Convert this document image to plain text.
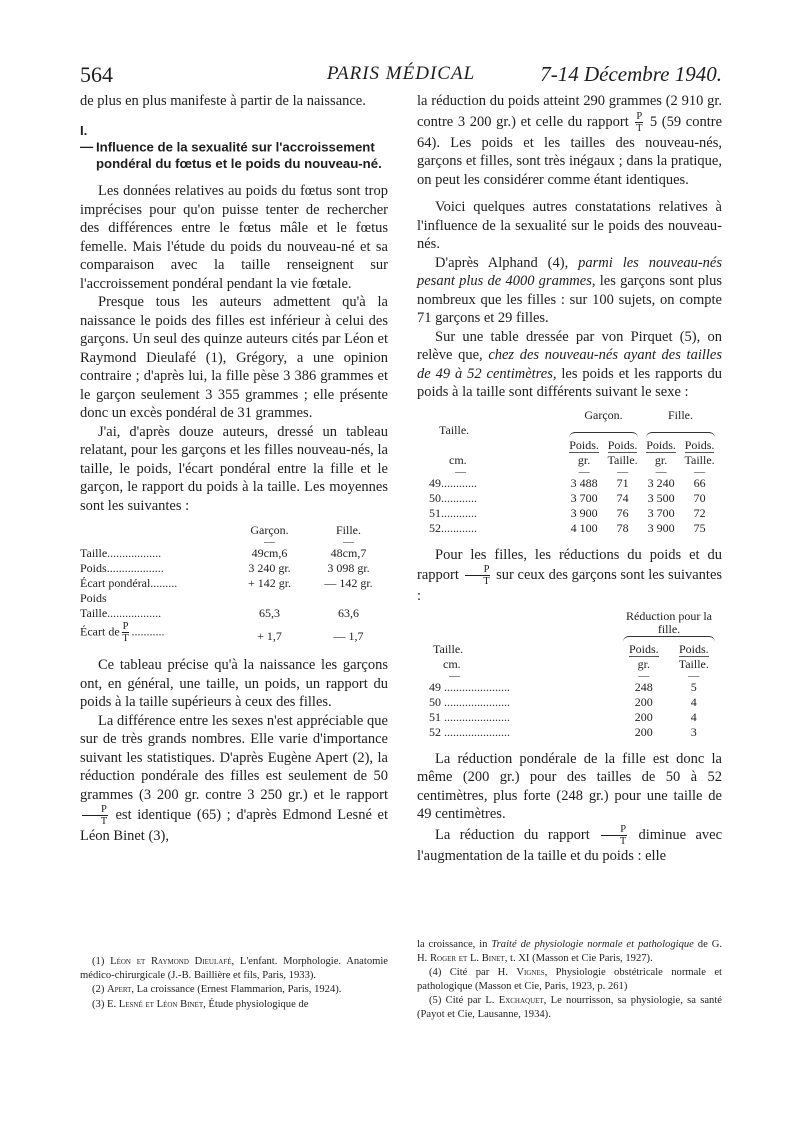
564	PARIS MÉDICAL	7-14 Décembre 1940.

de plus en plus manifeste à partir de la naissance.

I. — Influence de la sexualité sur l'accroissement pondéral du fœtus et le poids du nouveau-né.

Les données relatives au poids du fœtus sont trop imprécises pour qu'on puisse tenter de rechercher des différences entre le fœtus mâle et le fœtus femelle. Mais l'étude du poids du nouveau-né et sa comparaison avec la taille renseignent sur l'accroissement pondéral pendant la vie fœtale.

Presque tous les auteurs admettent qu'à la naissance le poids des filles est inférieur à celui des garçons. Un seul des quinze auteurs cités par Léon et Raymond Dieulafé (1), Grégory, a une opinion contraire ; d'après lui, la fille pèse 3 386 grammes et le garçon seulement 3 355 grammes ; elle présente donc un excès pondéral de 31 grammes.

J'ai, d'après douze auteurs, dressé un tableau relatant, pour les garçons et les filles nouveau-nés, la taille, le poids, l'écart pondéral entre la fille et le garçon, le rapport du poids à la taille. Les moyennes sont les suivantes :

	Garçon.	Fille.
	—	—
Taille..................	49cm,6	48cm,7
Poids...................	3 240 gr.	3 098 gr.
Écart pondéral.........	+ 142 gr.	— 142 gr.
Poids
Taille..................	65,3	63,6
Écart de $\frac{P}{T}$ ...........	+ 1,7	— 1,7

Ce tableau précise qu'à la naissance les garçons ont, en général, une taille, un poids, un rapport du poids à la taille supérieurs à ceux des filles.

La différence entre les sexes n'est appréciable que sur de très grands nombres. Elle varie d'importance suivant les statistiques. D'après Eugène Apert (2), la réduction pondérale des filles est seulement de 50 grammes (3 200 gr. contre 3 250 gr.) et le rapport
$\frac{P}{T}$ est identique (65) ; d'après Edmond Lesné et Léon Binet (3),

la réduction du poids atteint 290 grammes (2 910 gr. contre 3 200 gr.) et celle du rapport $\frac{P}{T} 5$ (59 contre 64). Les poids et les tailles des nouveau-nés, garçons et filles, sont très inégaux ; dans la pratique, on peut les considérer comme étant identiques.

Voici quelques autres constatations relatives à l'influence de la sexualité sur le poids des nouveau-nés.

D'après Alphand (4), parmi les nouveau-nés pesant plus de 4000 grammes, les garçons sont plus nombreux que les filles : sur 100 sujets, on compte 71 garçons et 29 filles.

Sur une table dressée par von Pirquet (5), on relève que, chez des nouveau-nés ayant des tailles de 49 à 52 centimètres, les poids et les rapports du poids à la taille sont différents suivant le sexe :

	Garçon.		Fille.	
Taille.			

	Poids.	Poids.	Poids.	Poids.
cm.	gr.	Taille.	gr.	Taille.
—	—	—	—	—
49............	3 488	71	3 240	66
50............	3 700	74	3 500	70
51............	3 900	76	3 700	72
52............	4 100	78	3 900	75

Pour les filles, les réductions du poids et du rapport $\frac{P}{T}$ sur ceux des garçons sont les suivantes :

	Réduction pour la fille.	

Taille.	Poids.	Poids.
cm.	gr.	Taille.
—	—	—
49 ......................	248	5
50 ......................	200	4
51 ......................	200	4
52 ......................	200	3

La réduction pondérale de la fille est donc la même (200 gr.) pour des tailles de 50 à 52 centimètres, plus forte (248 gr.) pour une taille de 49 centimètres.

La réduction du rapport $\frac{P}{T}$ diminue avec l'augmentation de la taille et du poids : elle

(1) Léon et Raymond Dieulafé, L'enfant. Morphologie. Anatomie médico-chirurgicale (J.-B. Baillière et fils, Paris, 1933).

(2) Apert, La croissance (Ernest Flammarion, Paris, 1924).

(3) E. Lesné et Léon Binet, Étude physiologique de

la croissance, in Traité de physiologie normale et pathologique de G. H. Roger et L. Binet, t. XI (Masson et Cie Paris, 1927).

(4) Cité par H. Vignes, Physiologie obstétricale normale et pathologique (Masson et Cie, Paris, 1923, p. 261)

(5) Cité par L. Exchaquet, Le nourrisson, sa physiologie, sa santé (Payot et Cie, Lausanne, 1934).
